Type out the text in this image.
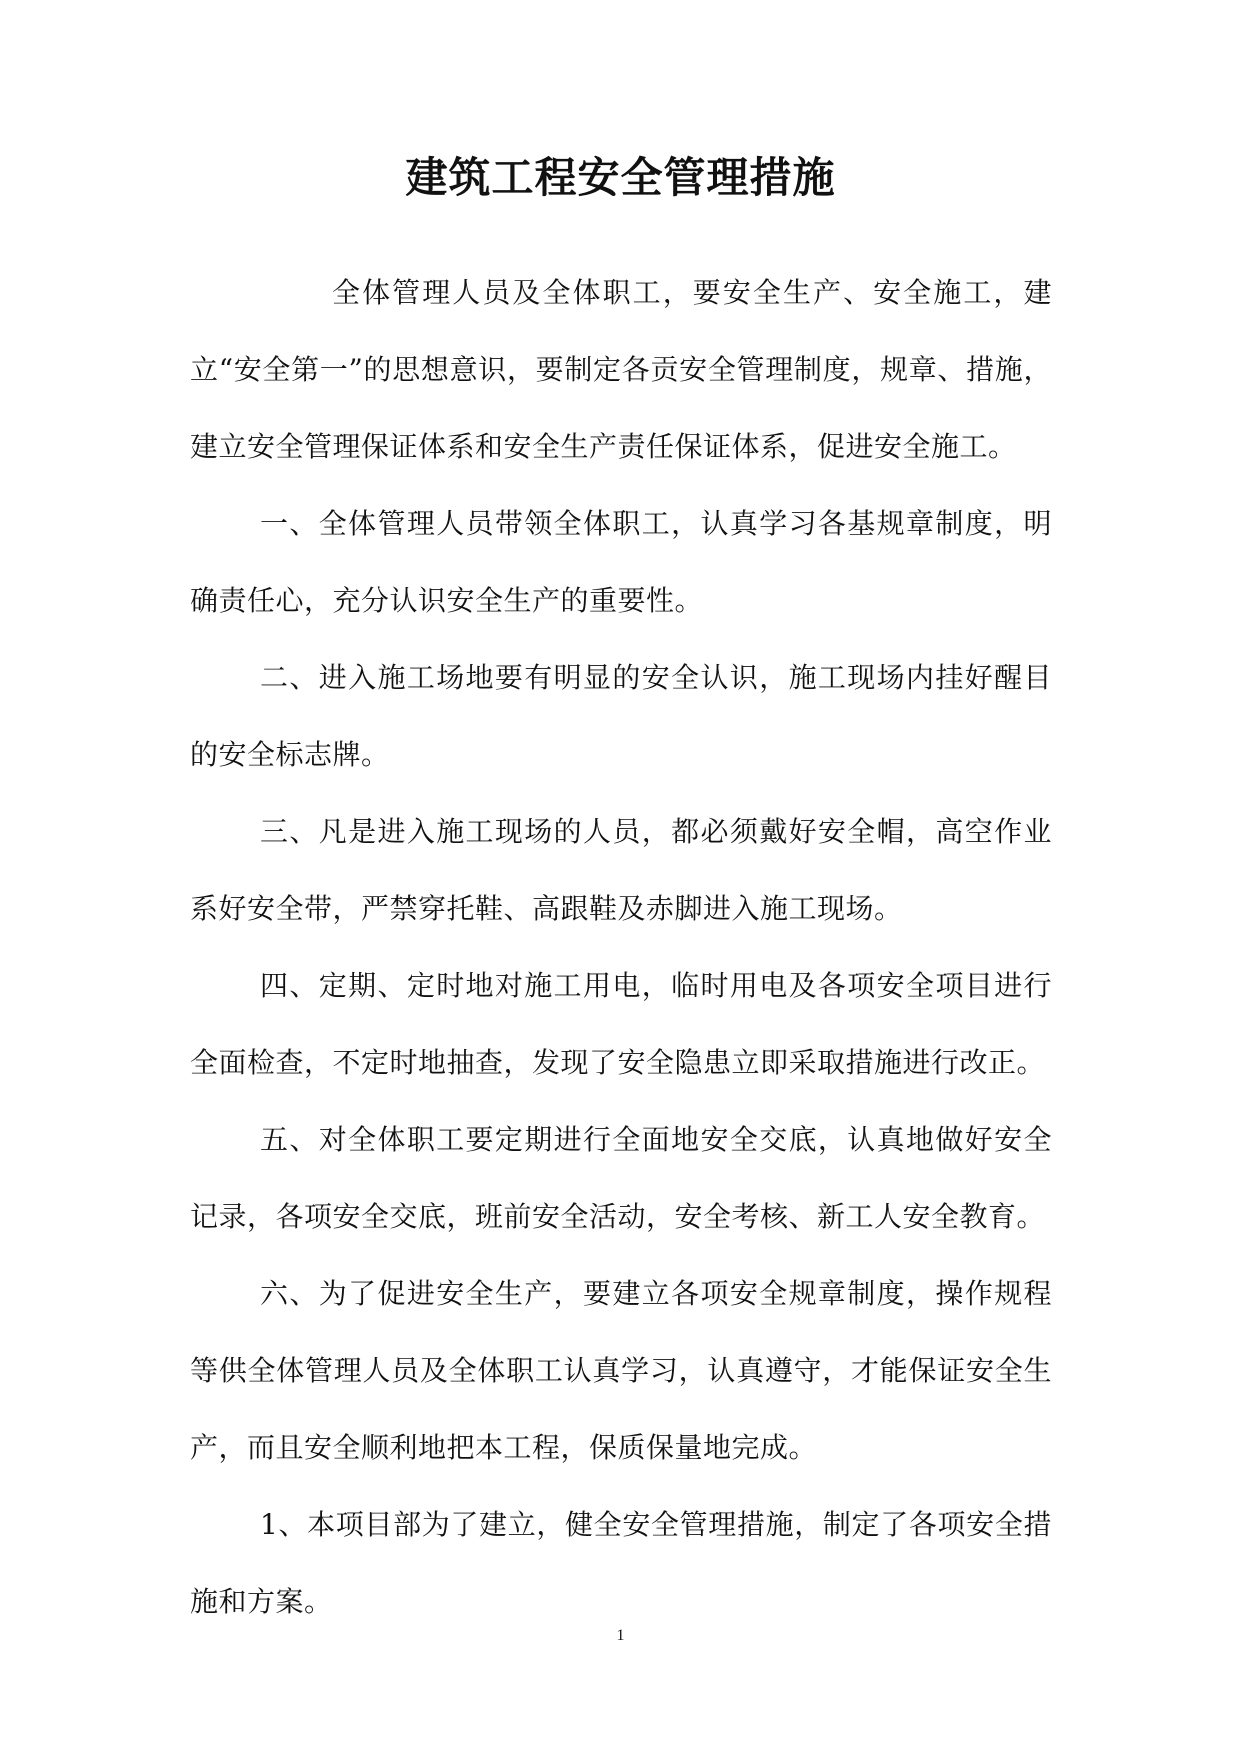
建筑工程安全管理措施

全体管理人员及全体职工，要安全生产、安全施工，建立“安全第一”的思想意识，要制定各贡安全管理制度，规章、措施，建立安全管理保证体系和安全生产责任保证体系，促进安全施工。

一、全体管理人员带领全体职工，认真学习各基规章制度，明确责任心，充分认识安全生产的重要性。

二、进入施工场地要有明显的安全认识，施工现场内挂好醒目的安全标志牌。

三、凡是进入施工现场的人员，都必须戴好安全帽，高空作业系好安全带，严禁穿托鞋、高跟鞋及赤脚进入施工现场。

四、定期、定时地对施工用电，临时用电及各项安全项目进行全面检查，不定时地抽查，发现了安全隐患立即采取措施进行改正。

五、对全体职工要定期进行全面地安全交底，认真地做好安全记录，各项安全交底，班前安全活动，安全考核、新工人安全教育。

六、为了促进安全生产，要建立各项安全规章制度，操作规程等供全体管理人员及全体职工认真学习，认真遵守，才能保证安全生产，而且安全顺利地把本工程，保质保量地完成。

1、本项目部为了建立，健全安全管理措施，制定了各项安全措施和方案。

1
